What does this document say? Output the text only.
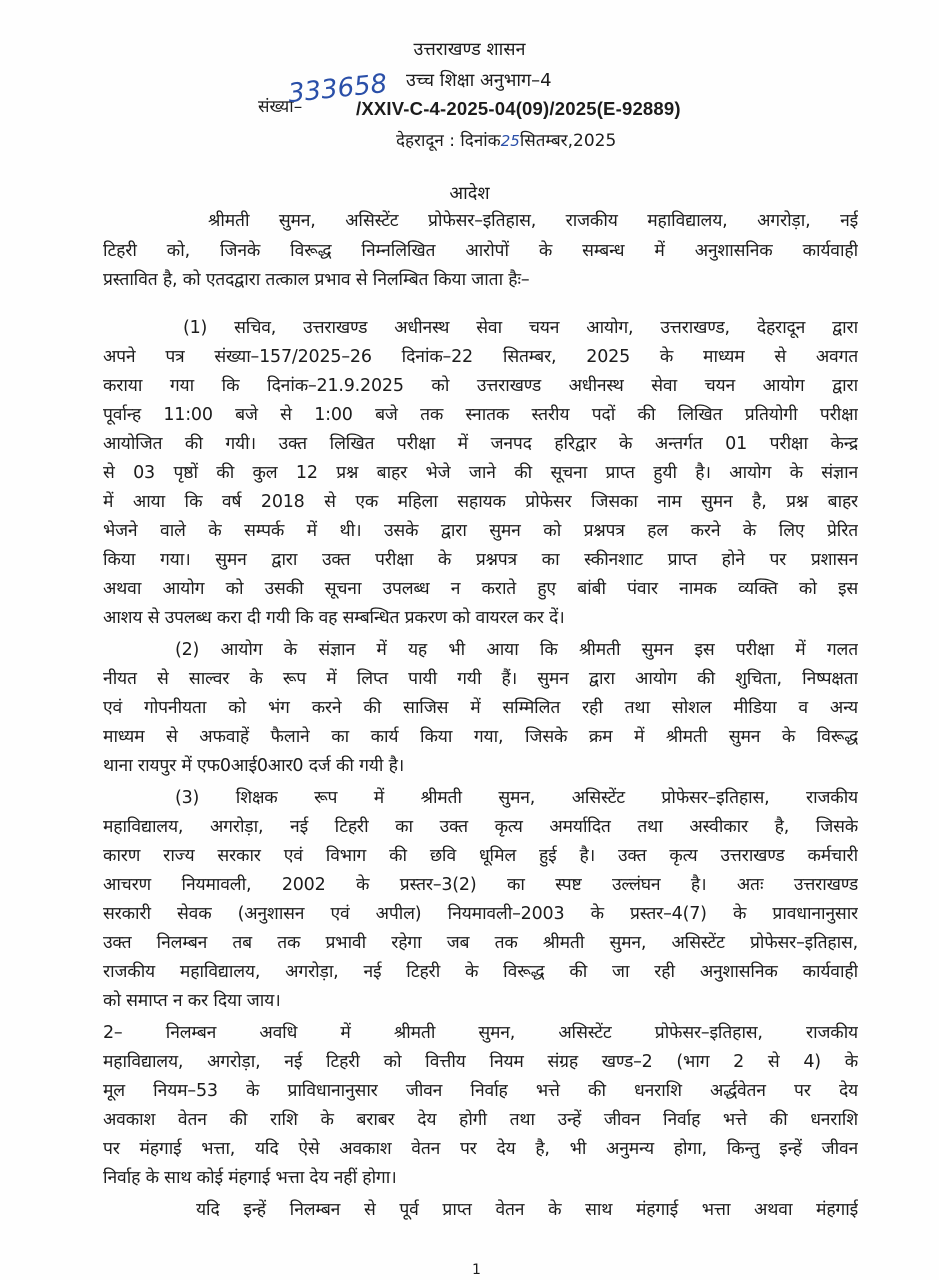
उत्तराखण्ड शासन
संख्या–
333658 उच्च शिक्षा अनुभाग–4
/XXIV-C-4-2025-04(09)/2025(E-92889)
देहरादून : दिनांक25सितम्बर,2025
आदेश
श्रीमती सुमन, असिस्टेंट प्रोफेसर–इतिहास, राजकीय महाविद्यालय, अगरोड़ा, नई
टिहरी को, जिनके विरूद्ध निम्नलिखित आरोपों के सम्बन्ध में अनुशासनिक कार्यवाही
प्रस्तावित है, को एतदद्वारा तत्काल प्रभाव से निलम्बित किया जाता हैः–
(1) सचिव, उत्तराखण्ड अधीनस्थ सेवा चयन आयोग, उत्तराखण्ड, देहरादून द्वारा
अपने पत्र संख्या–157/2025–26 दिनांक–22 सितम्बर, 2025 के माध्यम से अवगत
कराया गया कि दिनांक–21.9.2025 को उत्तराखण्ड अधीनस्थ सेवा चयन आयोग द्वारा
पूर्वान्ह 11:00 बजे से 1:00 बजे तक स्नातक स्तरीय पदों की लिखित प्रतियोगी परीक्षा
आयोजित की गयी। उक्त लिखित परीक्षा में जनपद हरिद्वार के अन्तर्गत 01 परीक्षा केन्द्र
से 03 पृष्ठों की कुल 12 प्रश्न बाहर भेजे जाने की सूचना प्राप्त हुयी है। आयोग के संज्ञान
में आया कि वर्ष 2018 से एक महिला सहायक प्रोफेसर जिसका नाम सुमन है, प्रश्न बाहर
भेजने वाले के सम्पर्क में थी। उसके द्वारा सुमन को प्रश्नपत्र हल करने के लिए प्रेरित
किया गया। सुमन द्वारा उक्त परीक्षा के प्रश्नपत्र का स्कीनशाट प्राप्त होने पर प्रशासन
अथवा आयोग को उसकी सूचना उपलब्ध न कराते हुए बांबी पंवार नामक व्यक्ति को इस
आशय से उपलब्ध करा दी गयी कि वह सम्बन्धित प्रकरण को वायरल कर दें।
(2) आयोग के संज्ञान में यह भी आया कि श्रीमती सुमन इस परीक्षा में गलत
नीयत से साल्वर के रूप में लिप्त पायी गयी हैं। सुमन द्वारा आयोग की शुचिता, निष्पक्षता
एवं गोपनीयता को भंग करने की साजिस में सम्मिलित रही तथा सोशल मीडिया व अन्य
माध्यम से अफवाहें फैलाने का कार्य किया गया, जिसके क्रम में श्रीमती सुमन के विरूद्ध
थाना रायपुर में एफ0आई0आर0 दर्ज की गयी है।
(3) शिक्षक रूप में श्रीमती सुमन, असिस्टेंट प्रोफेसर–इतिहास, राजकीय
महाविद्यालय, अगरोड़ा, नई टिहरी का उक्त कृत्य अमर्यादित तथा अस्वीकार है, जिसके
कारण राज्य सरकार एवं विभाग की छवि धूमिल हुई है। उक्त कृत्य उत्तराखण्ड कर्मचारी
आचरण नियमावली, 2002 के प्रस्तर–3(2) का स्पष्ट उल्लंघन है। अतः उत्तराखण्ड
सरकारी सेवक (अनुशासन एवं अपील) नियमावली–2003 के प्रस्तर–4(7) के प्रावधानानुसार
उक्त निलम्बन तब तक प्रभावी रहेगा जब तक श्रीमती सुमन, असिस्टेंट प्रोफेसर–इतिहास,
राजकीय महाविद्यालय, अगरोड़ा, नई टिहरी के विरूद्ध की जा रही अनुशासनिक कार्यवाही
को समाप्त न कर दिया जाय।
2– निलम्बन अवधि में श्रीमती सुमन, असिस्टेंट प्रोफेसर–इतिहास, राजकीय
महाविद्यालय, अगरोड़ा, नई टिहरी को वित्तीय नियम संग्रह खण्ड–2 (भाग 2 से 4) के
मूल नियम–53 के प्राविधानानुसार जीवन निर्वाह भत्ते की धनराशि अर्द्धवेतन पर देय
अवकाश वेतन की राशि के बराबर देय होगी तथा उन्हें जीवन निर्वाह भत्ते की धनराशि
पर मंहगाई भत्ता, यदि ऐसे अवकाश वेतन पर देय है, भी अनुमन्य होगा, किन्तु इन्हें जीवन
निर्वाह के साथ कोई मंहगाई भत्ता देय नहीं होगा।
यदि इन्हें निलम्बन से पूर्व प्राप्त वेतन के साथ मंहगाई भत्ता अथवा मंहगाई
1
